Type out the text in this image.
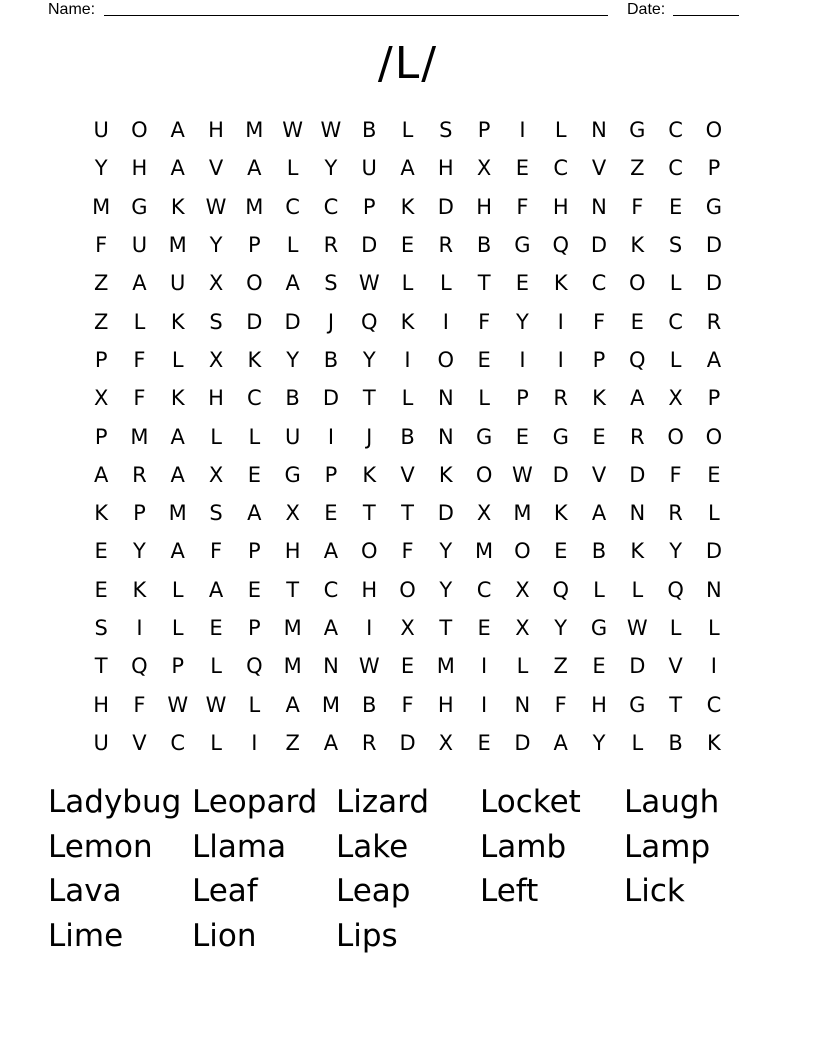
Name:	Date:
/L/
U	O	A	H	M W W B	L	S	P	I	L	N	G	C	O
Y	H	A	V	A	L	Y	U	A	H	X	E	C	V	Z	C	P
M	G	K	W M	C	C	P	K	D	H	F	H	N	F	E	G
F	U	M	Y	P	L	R	D	E	R	B	G	Q	D	K	S	D
Z	A	U	X	O	A	S	W	L	L	T	E	K	C	O	L	D
Z	L	K	S	D	D	J	Q	K	I	F	Y	I	F	E	C	R
P	F	L	X	K	Y	B	Y	I	O	E	I	I	P	Q	L	A
X	F	K	H	C	B	D	T	L	N	L	P	R	K	A	X	P
P	M	A	L	L	U	I	J	B	N	G	E	G	E	R	O	O
A	R	A	X	E	G	P	K	V	K	O W D	V	D	F	E
K	P	M	S	A	X	E	T	T	D	X	M	K	A	N	R	L
E	Y	A	F	P	H	A	O	F	Y	M O	E	B	K	Y	D
E	K	L	A	E	T	C	H	O	Y	C	X	Q	L	L	Q	N
S	I	L	E	P	M	A	I	X	T	E	X	Y	G W	L	L
T	Q	P	L	Q M	N W	E	M	I	L	Z	E	D	V	I
H	F	W W	L	A	M	B	F	H	I	N	F	H	G	T	C
U	V	C	L	I	Z	A	R	D	X	E	D	A	Y	L	B	K
Ladybug Leopard Lizard	Locket	Laugh
Lemon	Llama	Lake	Lamb	Lamp
Lava	Leaf	Leap	Left	Lick
Lime	Lion	Lips
